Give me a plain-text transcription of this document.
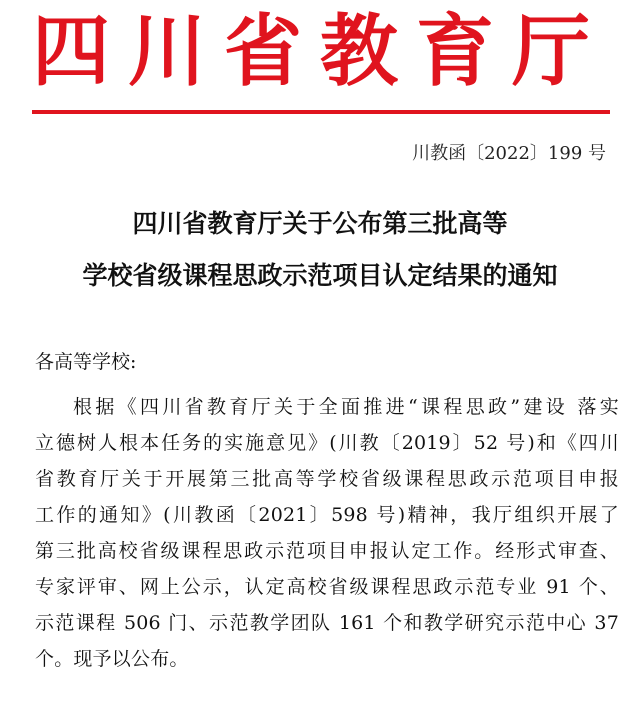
四川省教育厅
川教函〔2022〕199 号
四川省教育厅关于公布第三批高等
学校省级课程思政示范项目认定结果的通知
各高等学校:
根据《四川省教育厅关于全面推进“课程思政”建设 落实
立德树人根本任务的实施意见》(川教〔2019〕52 号)和《四川
省教育厅关于开展第三批高等学校省级课程思政示范项目申报
工作的通知》(川教函〔2021〕598 号)精神，我厅组织开展了
第三批高校省级课程思政示范项目申报认定工作。经形式审查、
专家评审、网上公示，认定高校省级课程思政示范专业 91 个、
示范课程 506 门、示范教学团队 161 个和教学研究示范中心 37
个。现予以公布。
